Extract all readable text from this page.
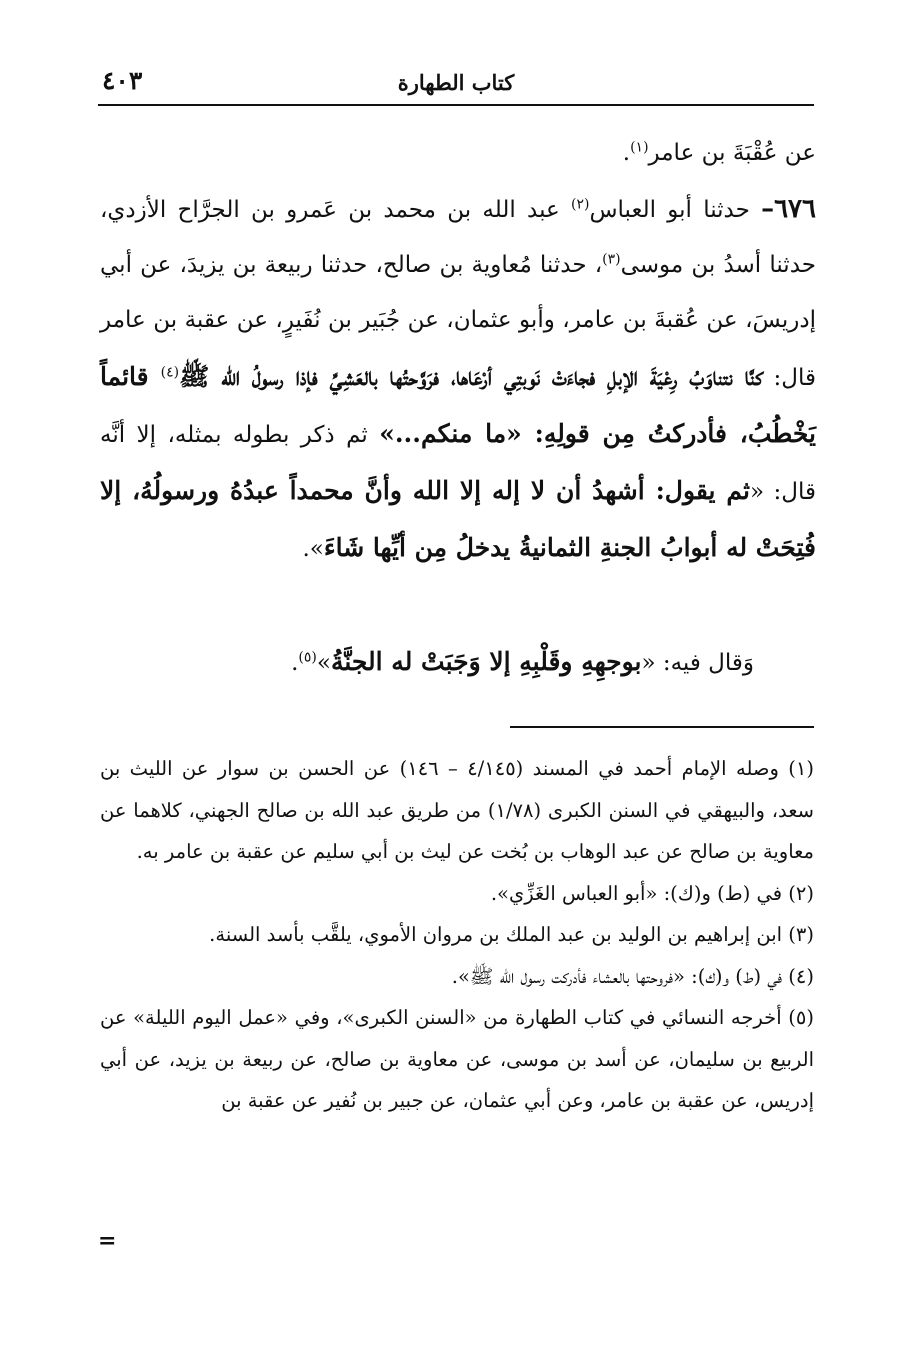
كتاب الطهارة
٤٠٣
عن عُقْبَةَ بن عامر$^{(١)}$.
٦٧٦– حدثنا أبو العباس$^{(٢)}$ عبد الله بن محمد بن عَمرو بن الجرَّاح الأزدي، حدثنا أسدُ بن موسى$^{(٣)}$، حدثنا مُعاوية بن صالح، حدثنا ربيعة بن يزيدَ، عن أبي إدريسَ، عن عُقبةَ بن عامر، وأبو عثمان، عن جُبَير بن نُفَيرٍ، عن عقبة بن عامر قال: كنَّا نتناوَبُ رِعْيَةَ الإبلِ فجاءَتْ نَوبتِي أرْعَاها، فرَوَّحتُها بالعَشِيِّ فإذا رسولُ الله ﷺ$^{(٤)}$ قائماً يَخْطُبُ، فأدركتُ مِن قولِهِ: «ما منكم...» ثم ذكر بطوله بمثله، إلا أنَّه قال: «ثم يقول: أشهدُ أن لا إله إلا الله وأنَّ محمداً عبدُهُ ورسولُهُ، إلا فُتِحَتْ له أبوابُ الجنةِ الثمانيةُ يدخلُ مِن أيِّها شَاءَ».
وَقال فيه: «بوجهِهِ وقَلْبِهِ إلا وَجَبَتْ له الجنَّةُ»$^{(٥)}$.

(١) وصله الإمام أحمد في المسند (٤/١٤٥ – ١٤٦) عن الحسن بن سوار عن الليث بن سعد، والبيهقي في السنن الكبرى (١/٧٨) من طريق عبد الله بن صالح الجهني، كلاهما عن معاوية بن صالح عن عبد الوهاب بن بُخت عن ليث بن أبي سليم عن عقبة بن عامر به.

(٢) في (ط) و(ك): «أبو العباس الغَزِّي».

(٣) ابن إبراهيم بن الوليد بن عبد الملك بن مروان الأموي، يلقَّب بأسد السنة.

(٤) في (ط) و(ك): «فروحتها بالعشاء فأدركت رسول الله ﷺ».

(٥) أخرجه النسائي في كتاب الطهارة من «السنن الكبرى»، وفي «عمل اليوم الليلة» عن الربيع بن سليمان، عن أسد بن موسى، عن معاوية بن صالح، عن ربيعة بن يزيد، عن أبي إدريس، عن عقبة بن عامر، وعن أبي عثمان، عن جبير بن نُفير عن عقبة بن

=
